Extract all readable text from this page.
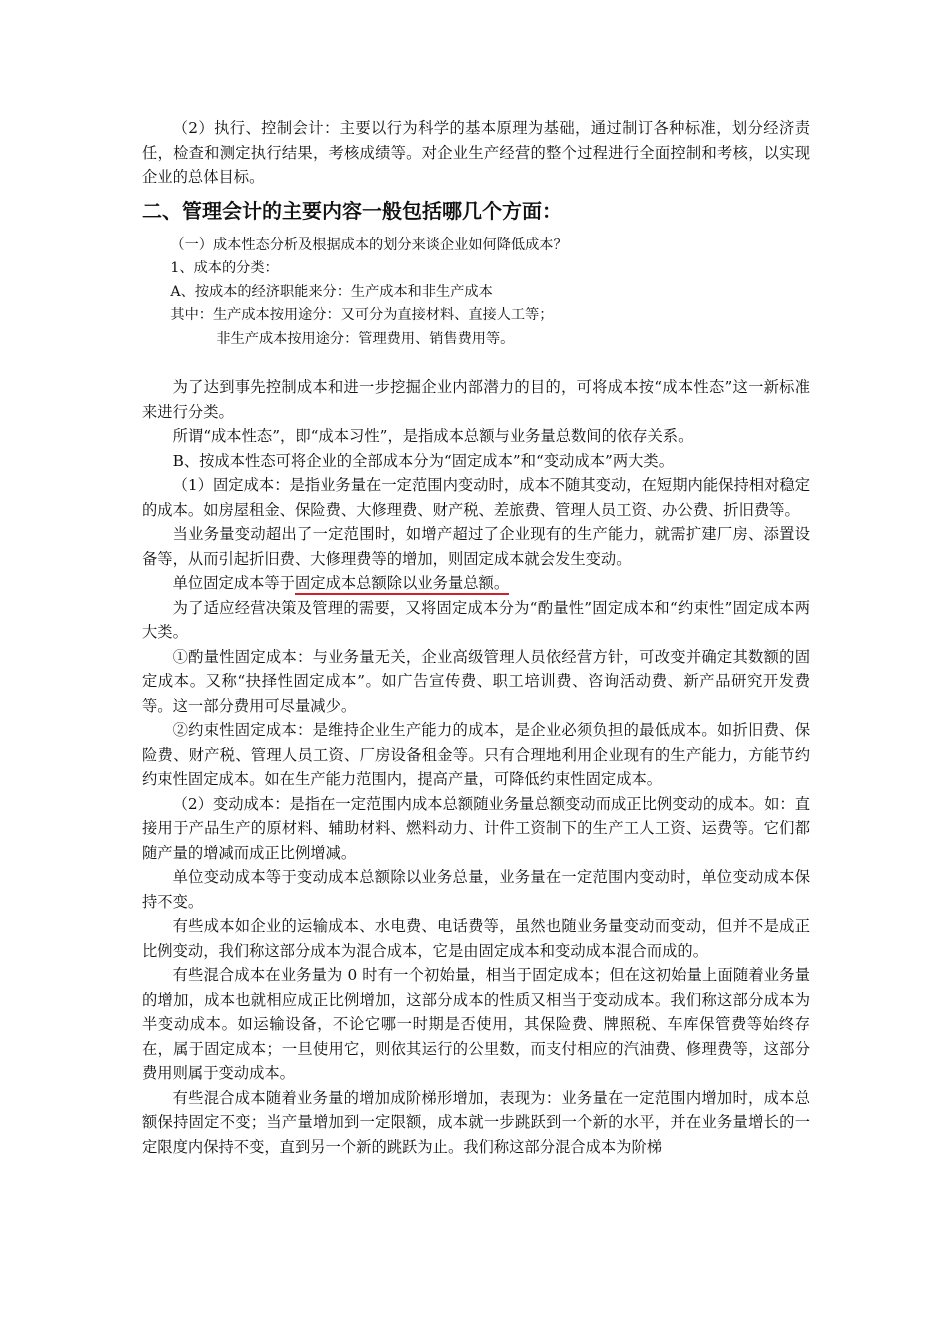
（2）执行、控制会计：主要以行为科学的基本原理为基础，通过制订各种标准，划分经济责任，检查和测定执行结果，考核成绩等。对企业生产经营的整个过程进行全面控制和考核，以实现企业的总体目标。

二、管理会计的主要内容一般包括哪几个方面：

（一）成本性态分析及根据成本的划分来谈企业如何降低成本？

1、成本的分类：

A、按成本的经济职能来分：生产成本和非生产成本

其中：生产成本按用途分：又可分为直接材料、直接人工等；

非生产成本按用途分：管理费用、销售费用等。

为了达到事先控制成本和进一步挖掘企业内部潜力的目的，可将成本按“成本性态”这一新标准来进行分类。

所谓“成本性态”，即“成本习性”，是指成本总额与业务量总数间的依存关系。

B、按成本性态可将企业的全部成本分为“固定成本”和“变动成本”两大类。

（1）固定成本：是指业务量在一定范围内变动时，成本不随其变动，在短期内能保持相对稳定的成本。如房屋租金、保险费、大修理费、财产税、差旅费、管理人员工资、办公费、折旧费等。

当业务量变动超出了一定范围时，如增产超过了企业现有的生产能力，就需扩建厂房、添置设备等，从而引起折旧费、大修理费等的增加，则固定成本就会发生变动。

单位固定成本等于固定成本总额除以业务量总额。

为了适应经营决策及管理的需要，又将固定成本分为“酌量性”固定成本和“约束性”固定成本两大类。

①酌量性固定成本：与业务量无关，企业高级管理人员依经营方针，可改变并确定其数额的固定成本。又称“抉择性固定成本”。如广告宣传费、职工培训费、咨询活动费、新产品研究开发费等。这一部分费用可尽量减少。

②约束性固定成本：是维持企业生产能力的成本，是企业必须负担的最低成本。如折旧费、保险费、财产税、管理人员工资、厂房设备租金等。只有合理地利用企业现有的生产能力，方能节约约束性固定成本。如在生产能力范围内，提高产量，可降低约束性固定成本。

（2）变动成本：是指在一定范围内成本总额随业务量总额变动而成正比例变动的成本。如：直接用于产品生产的原材料、辅助材料、燃料动力、计件工资制下的生产工人工资、运费等。它们都随产量的增减而成正比例增减。

单位变动成本等于变动成本总额除以业务总量，业务量在一定范围内变动时，单位变动成本保持不变。

有些成本如企业的运输成本、水电费、电话费等，虽然也随业务量变动而变动，但并不是成正比例变动，我们称这部分成本为混合成本，它是由固定成本和变动成本混合而成的。

有些混合成本在业务量为 0 时有一个初始量，相当于固定成本；但在这初始量上面随着业务量的增加，成本也就相应成正比例增加，这部分成本的性质又相当于变动成本。我们称这部分成本为半变动成本。如运输设备，不论它哪一时期是否使用，其保险费、牌照税、车库保管费等始终存在，属于固定成本；一旦使用它，则依其运行的公里数，而支付相应的汽油费、修理费等，这部分费用则属于变动成本。

有些混合成本随着业务量的增加成阶梯形增加，表现为：业务量在一定范围内增加时，成本总额保持固定不变；当产量增加到一定限额，成本就一步跳跃到一个新的水平，并在业务量增长的一定限度内保持不变，直到另一个新的跳跃为止。我们称这部分混合成本为阶梯
